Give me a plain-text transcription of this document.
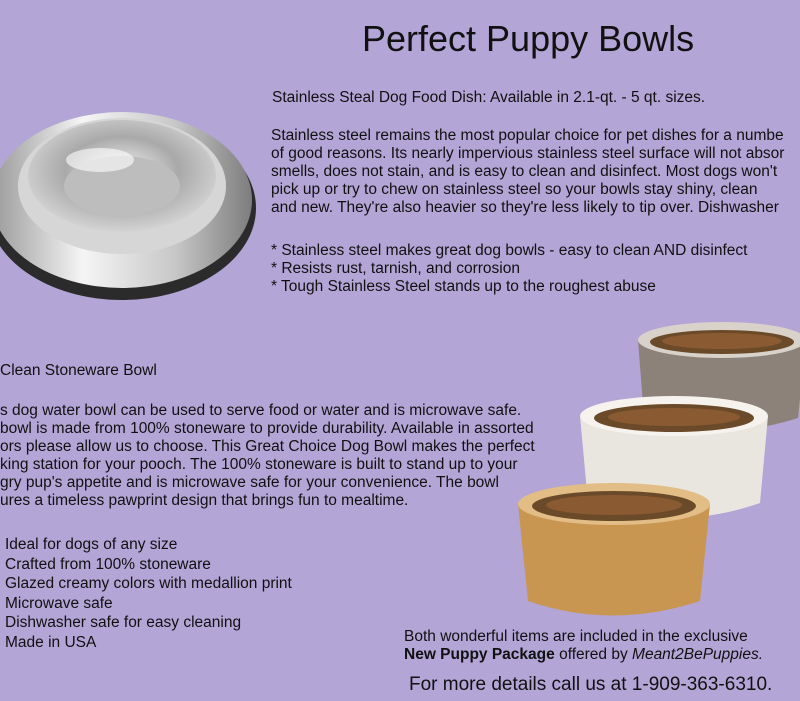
Perfect Puppy Bowls
Stainless Steal Dog Food Dish: Available in 2.1-qt. - 5 qt. sizes.
Stainless steel remains the most popular choice for pet dishes for a numbe
of good reasons. Its nearly impervious stainless steel surface will not absor
smells, does not stain, and is easy to clean and disinfect. Most dogs won't
pick up or try to chew on stainless steel so your bowls stay shiny, clean
and new. They're also heavier so they're less likely to tip over. Dishwasher
* Stainless steel makes great dog bowls - easy to clean AND disinfect
* Resists rust, tarnish, and corrosion
* Tough Stainless Steel stands up to the roughest abuse
Clean Stoneware Bowl
s dog water bowl can be used to serve food or water and is microwave safe.
bowl is made from 100% stoneware to provide durability. Available in assorted
ors please allow us to choose. This Great Choice Dog Bowl makes the perfect
king station for your pooch. The 100% stoneware is built to stand up to your
gry pup's appetite and is microwave safe for your convenience. The bowl
ures a timeless pawprint design that brings fun to mealtime.
Ideal for dogs of any size
Crafted from 100% stoneware
Glazed creamy colors with medallion print
Microwave safe
Dishwasher safe for easy cleaning
Made in USA	Both wonderful items are included in the exclusive
New Puppy Package offered by Meant2BePuppies.
For more details call us at 1-909-363-6310.
